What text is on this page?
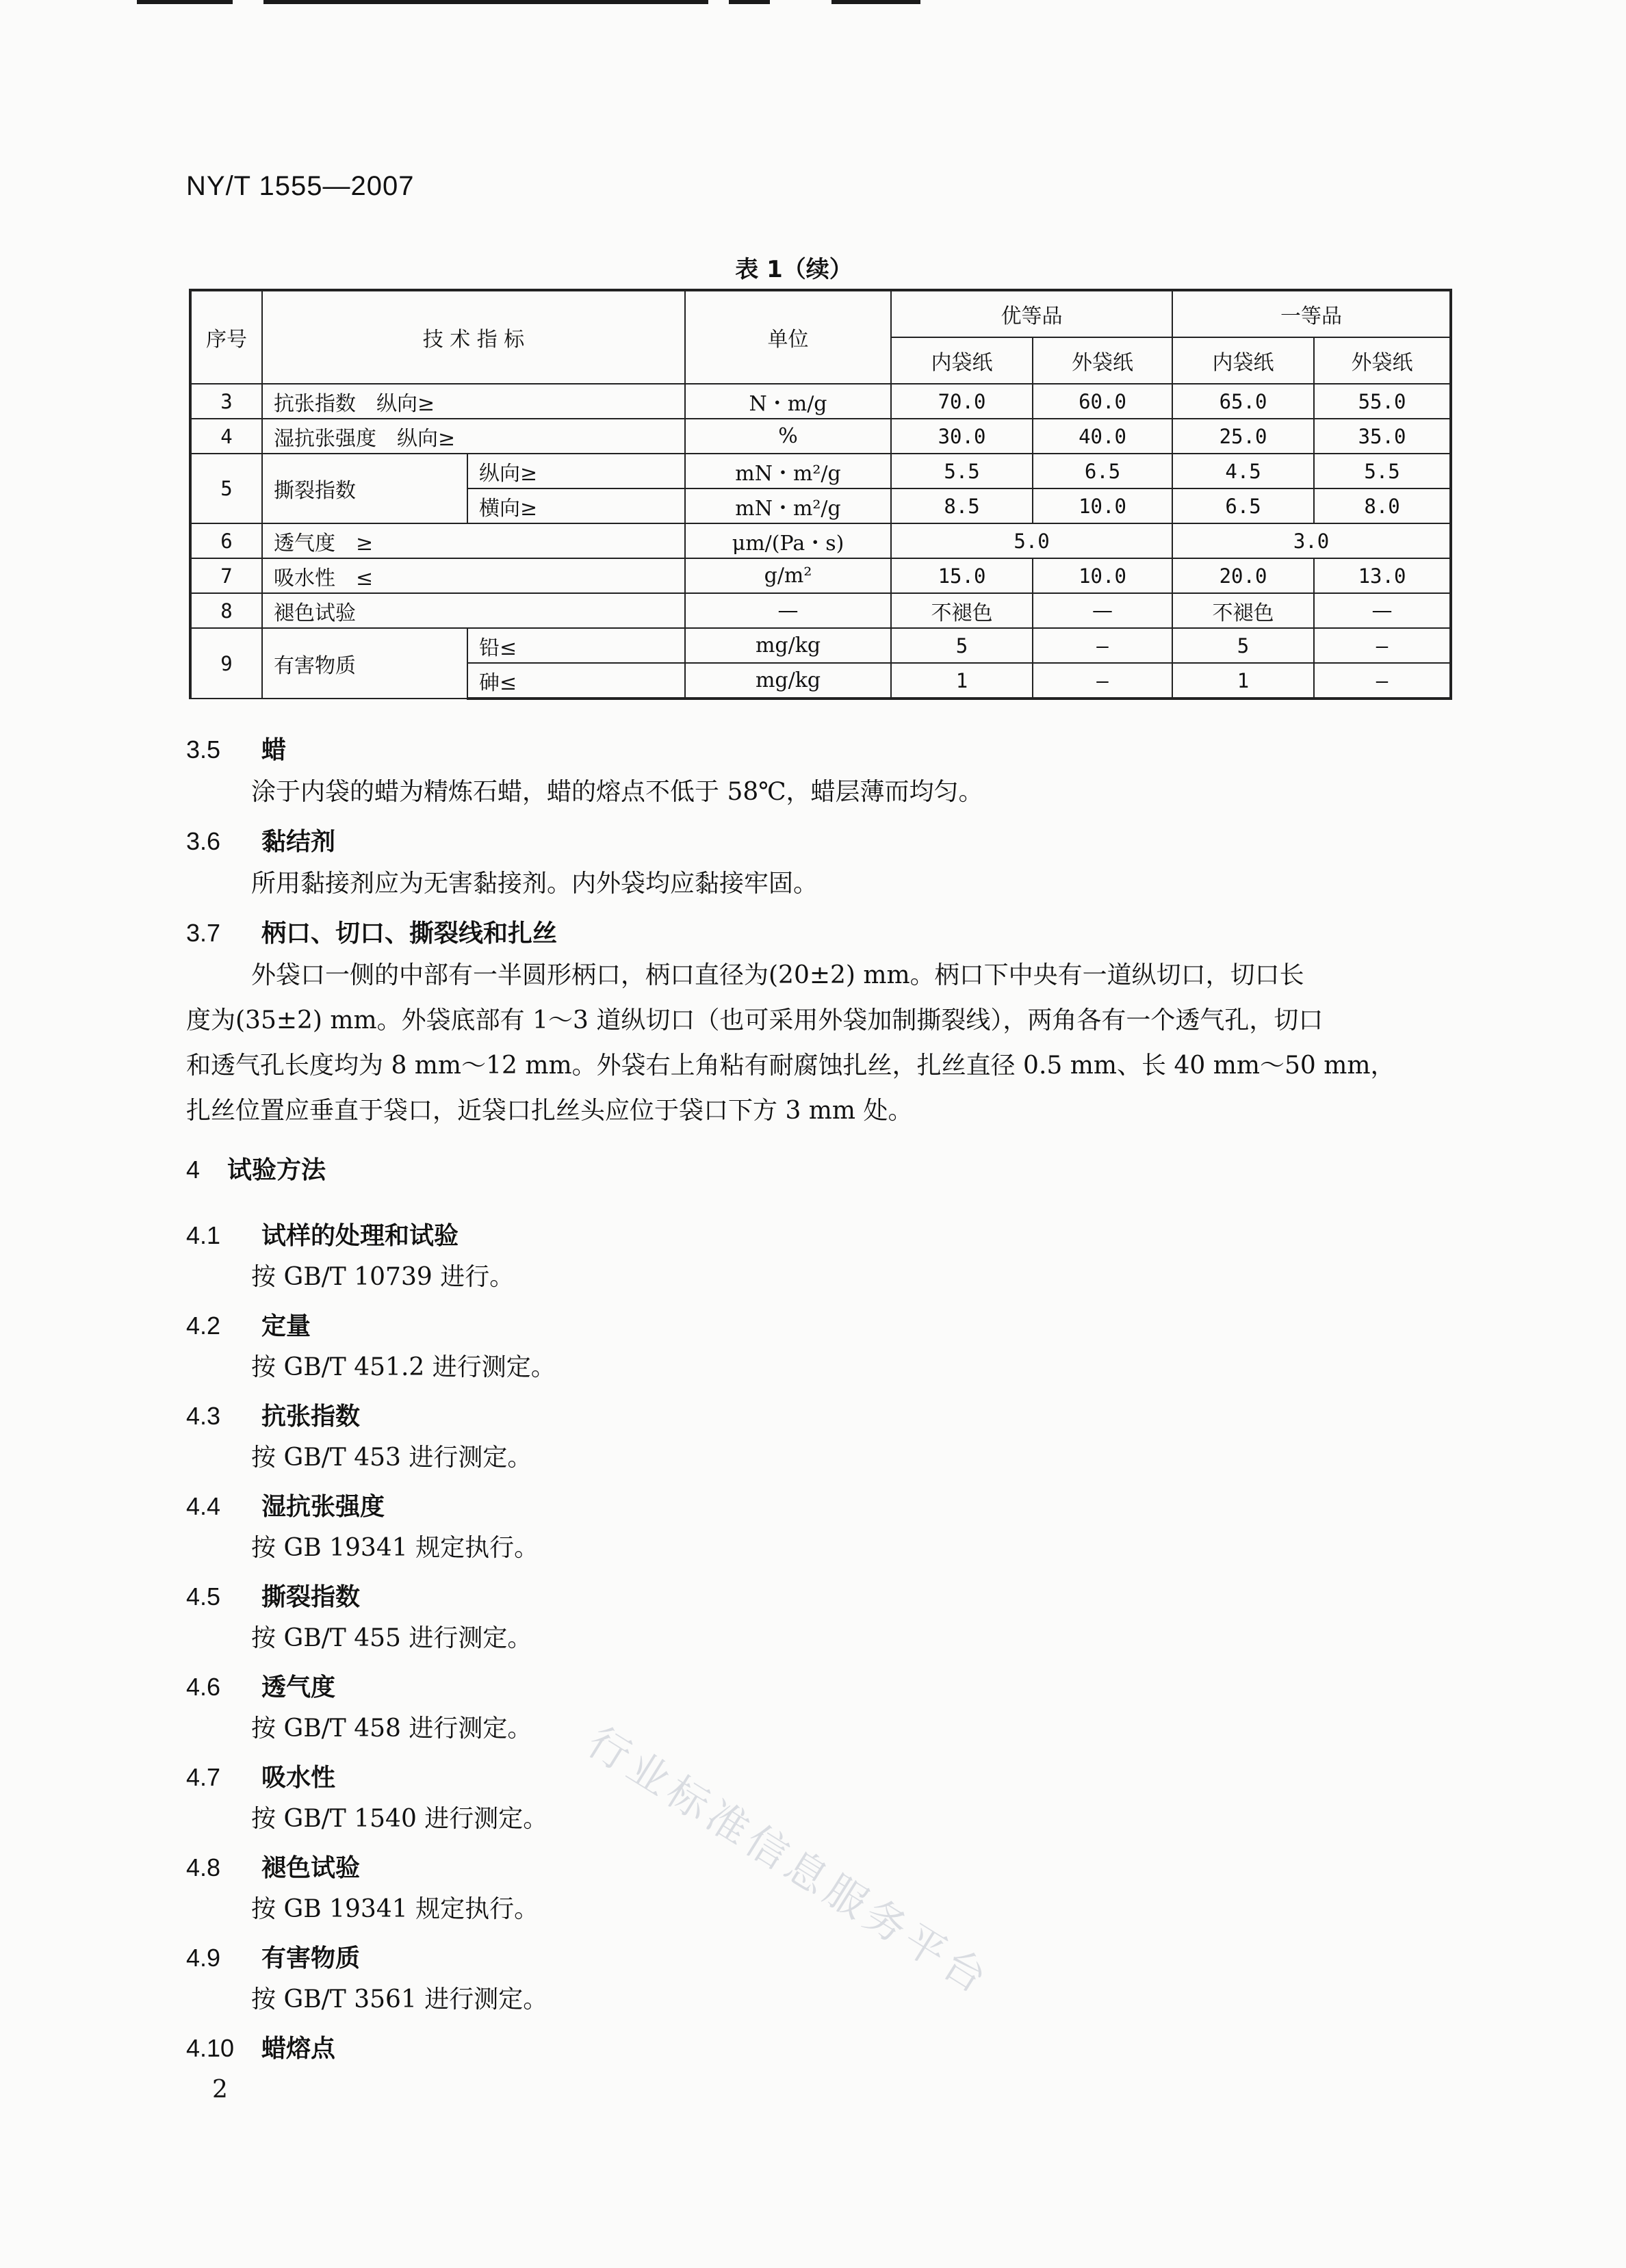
NY/T 1555—2007
表 1（续）
序号	技 术 指 标		单位	优等品		一等品	
				内袋纸	外袋纸	内袋纸	外袋纸
3	抗张指数　纵向≥		N・m/g	70.0	60.0	65.0	55.0
4	湿抗张强度　纵向≥		%	30.0	40.0	25.0	35.0
5	撕裂指数	纵向≥	mN・m²/g	5.5	6.5	4.5	5.5
		横向≥	mN・m²/g	8.5	10.0	6.5	8.0
6	透气度　≥		μm/(Pa・s)	5.0		3.0	
7	吸水性　≤		g/m²	15.0	10.0	20.0	13.0
8	褪色试验		—	不褪色	—	不褪色	—
9	有害物质	铅≤	mg/kg	5	—	5	—
		砷≤	mg/kg	1	—	1	—
3.5 蜡
涂于内袋的蜡为精炼石蜡，蜡的熔点不低于 58℃，蜡层薄而均匀。
3.6 黏结剂
所用黏接剂应为无害黏接剂。内外袋均应黏接牢固。
3.7 柄口、切口、撕裂线和扎丝
外袋口一侧的中部有一半圆形柄口，柄口直径为(20±2) mm。柄口下中央有一道纵切口，切口长
度为(35±2) mm。外袋底部有 1～3 道纵切口（也可采用外袋加制撕裂线），两角各有一个透气孔，切口
和透气孔长度均为 8 mm～12 mm。外袋右上角粘有耐腐蚀扎丝，扎丝直径 0.5 mm、长 40 mm～50 mm，
扎丝位置应垂直于袋口，近袋口扎丝头应位于袋口下方 3 mm 处。
4 试验方法
4.1 试样的处理和试验
按 GB/T 10739 进行。
4.2 定量
按 GB/T 451.2 进行测定。
4.3 抗张指数
按 GB/T 453 进行测定。
4.4 湿抗张强度
按 GB 19341 规定执行。
4.5 撕裂指数
按 GB/T 455 进行测定。
4.6 透气度
按 GB/T 458 进行测定。
4.7 吸水性
按 GB/T 1540 进行测定。
4.8 褪色试验
按 GB 19341 规定执行。
4.9 有害物质
按 GB/T 3561 进行测定。
4.10 蜡熔点
2
行业标准信息服务平台
